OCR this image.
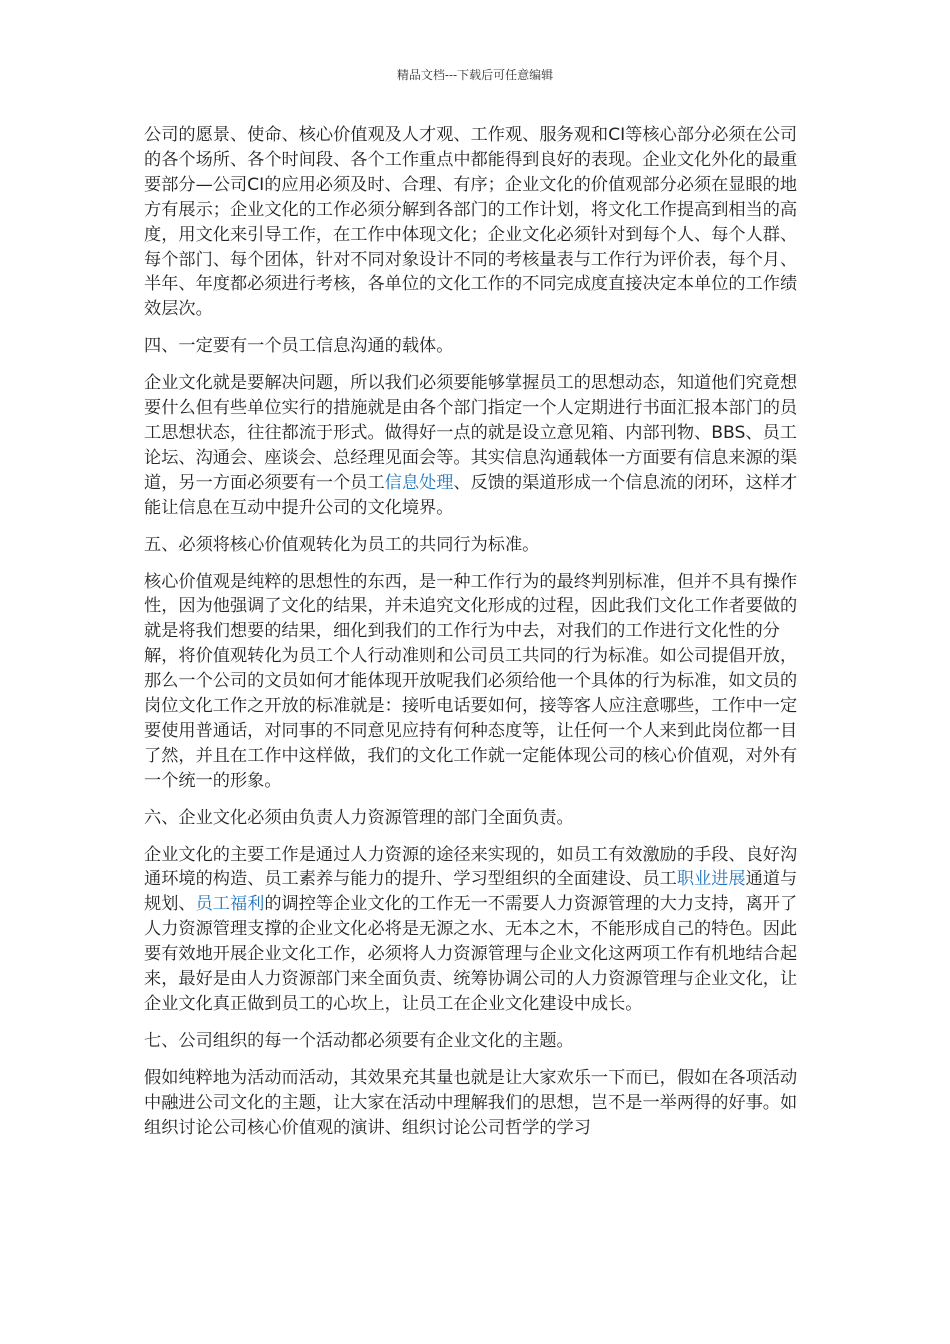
精品文档---下载后可任意编辑

公司的愿景、使命、核心价值观及人才观、工作观、服务观和CI等核心部分必须在公司的各个场所、各个时间段、各个工作重点中都能得到良好的表现。企业文化外化的最重要部分—公司CI的应用必须及时、合理、有序；企业文化的价值观部分必须在显眼的地方有展示；企业文化的工作必须分解到各部门的工作计划，将文化工作提高到相当的高度，用文化来引导工作，在工作中体现文化；企业文化必须针对到每个人、每个人群、每个部门、每个团体，针对不同对象设计不同的考核量表与工作行为评价表，每个月、半年、年度都必须进行考核，各单位的文化工作的不同完成度直接决定本单位的工作绩效层次。

四、一定要有一个员工信息沟通的载体。

企业文化就是要解决问题，所以我们必须要能够掌握员工的思想动态，知道他们究竟想要什么但有些单位实行的措施就是由各个部门指定一个人定期进行书面汇报本部门的员工思想状态，往往都流于形式。做得好一点的就是设立意见箱、内部刊物、BBS、员工论坛、沟通会、座谈会、总经理见面会等。其实信息沟通载体一方面要有信息来源的渠道，另一方面必须要有一个员工信息处理、反馈的渠道形成一个信息流的闭环，这样才能让信息在互动中提升公司的文化境界。

五、必须将核心价值观转化为员工的共同行为标准。

核心价值观是纯粹的思想性的东西，是一种工作行为的最终判别标准，但并不具有操作性，因为他强调了文化的结果，并未追究文化形成的过程，因此我们文化工作者要做的就是将我们想要的结果，细化到我们的工作行为中去，对我们的工作进行文化性的分解，将价值观转化为员工个人行动准则和公司员工共同的行为标准。如公司提倡开放，那么一个公司的文员如何才能体现开放呢我们必须给他一个具体的行为标准，如文员的岗位文化工作之开放的标准就是：接听电话要如何，接等客人应注意哪些，工作中一定要使用普通话，对同事的不同意见应持有何种态度等，让任何一个人来到此岗位都一目了然，并且在工作中这样做，我们的文化工作就一定能体现公司的核心价值观，对外有一个统一的形象。

六、企业文化必须由负责人力资源管理的部门全面负责。

企业文化的主要工作是通过人力资源的途径来实现的，如员工有效激励的手段、良好沟通环境的构造、员工素养与能力的提升、学习型组织的全面建设、员工职业进展通道与规划、员工福利的调控等企业文化的工作无一不需要人力资源管理的大力支持，离开了人力资源管理支撑的企业文化必将是无源之水、无本之木，不能形成自己的特色。因此要有效地开展企业文化工作，必须将人力资源管理与企业文化这两项工作有机地结合起来，最好是由人力资源部门来全面负责、统筹协调公司的人力资源管理与企业文化，让企业文化真正做到员工的心坎上，让员工在企业文化建设中成长。

七、公司组织的每一个活动都必须要有企业文化的主题。

假如纯粹地为活动而活动，其效果充其量也就是让大家欢乐一下而已，假如在各项活动中融进公司文化的主题，让大家在活动中理解我们的思想，岂不是一举两得的好事。如组织讨论公司核心价值观的演讲、组织讨论公司哲学的学习
